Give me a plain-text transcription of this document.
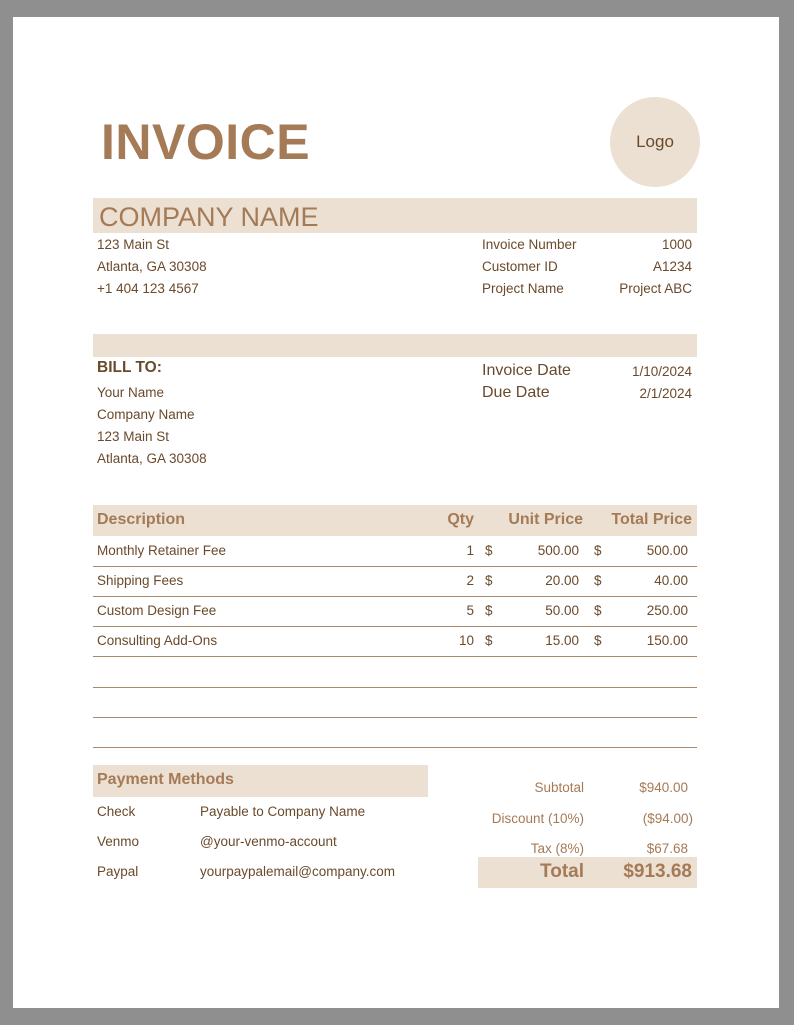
INVOICE	Logo
COMPANY NAME
123 Main St
Atlanta, GA 30308
+1 404 123 4567
Invoice Number	1000
Customer ID	A1234
Project Name	Project ABC
BILL TO:
Your Name
Company Name
123 Main St
Atlanta, GA 30308
Invoice Date	1/10/2024
Due Date	2/1/2024
Description	Qty	Unit Price	Total Price
Monthly Retainer Fee	1 $	500.00 $	500.00
Shipping Fees	2 $	20.00 $	40.00
Custom Design Fee	5 $	50.00 $	250.00
Consulting Add-Ons	10 $	15.00 $	150.00
Payment Methods
Check	Payable to Company Name
Venmo	@your-venmo-account
Paypal	yourpaypalemail@company.com
Subtotal	$940.00
Discount (10%)	($94.00)
Tax (8%)	$67.68
Total	$913.68
